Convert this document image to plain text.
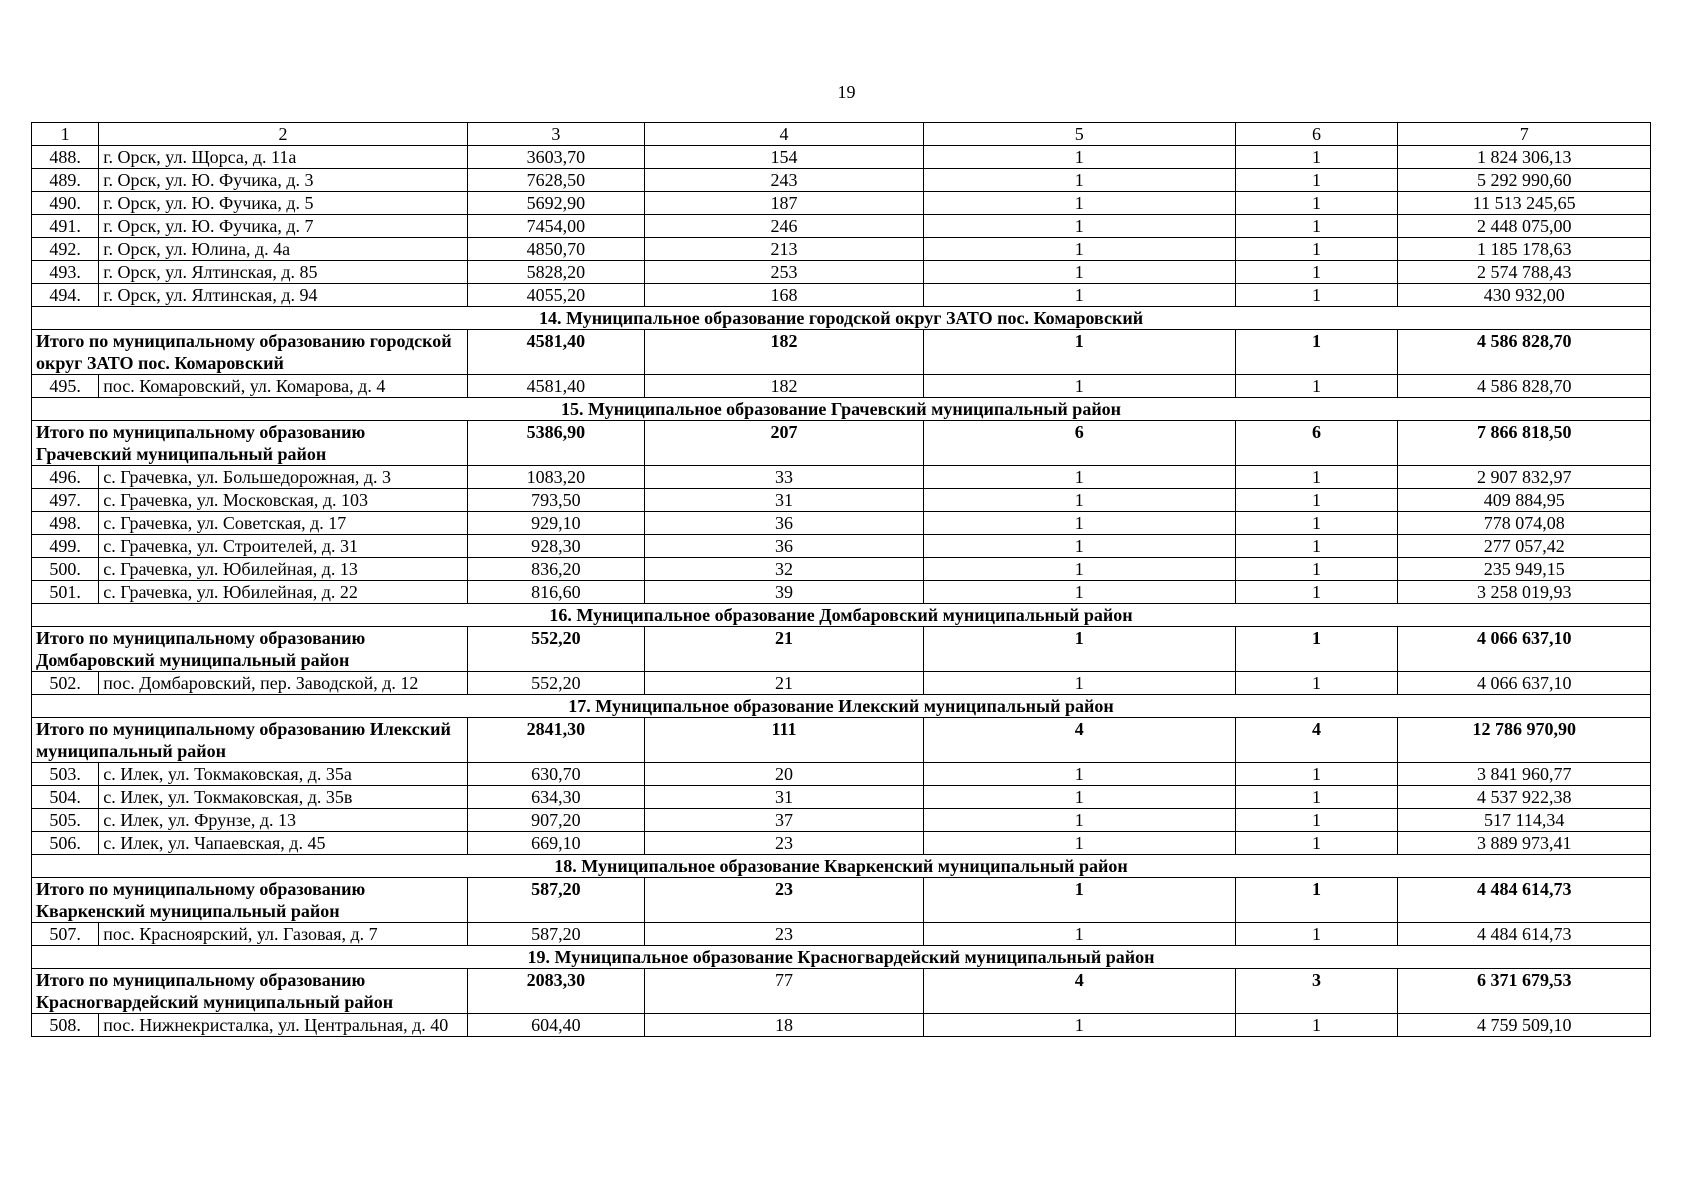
19
1	2	3	4	5	6	7
488.	г. Орск, ул. Щорса, д. 11а	3603,70	154	1	1	1 824 306,13
489.	г. Орск, ул. Ю. Фучика, д. 3	7628,50	243	1	1	5 292 990,60
490.	г. Орск, ул. Ю. Фучика, д. 5	5692,90	187	1	1	11 513 245,65
491.	г. Орск, ул. Ю. Фучика, д. 7	7454,00	246	1	1	2 448 075,00
492.	г. Орск, ул. Юлина, д. 4а	4850,70	213	1	1	1 185 178,63
493.	г. Орск, ул. Ялтинская, д. 85	5828,20	253	1	1	2 574 788,43
494.	г. Орск, ул. Ялтинская, д. 94	4055,20	168	1	1	430 932,00
14. Муниципальное образование городской округ ЗАТО пос. Комаровский						
Итого по муниципальному образованию городской округ ЗАТО пос. Комаровский		4581,40	182	1	1	4 586 828,70
495.	пос. Комаровский, ул. Комарова, д. 4	4581,40	182	1	1	4 586 828,70
15. Муниципальное образование Грачевский муниципальный район						
Итого по муниципальному образованию Грачевский муниципальный район		5386,90	207	6	6	7 866 818,50
496.	с. Грачевка, ул. Большедорожная, д. 3	1083,20	33	1	1	2 907 832,97
497.	с. Грачевка, ул. Московская, д. 103	793,50	31	1	1	409 884,95
498.	с. Грачевка, ул. Советская, д. 17	929,10	36	1	1	778 074,08
499.	с. Грачевка, ул. Строителей, д. 31	928,30	36	1	1	277 057,42
500.	с. Грачевка, ул. Юбилейная, д. 13	836,20	32	1	1	235 949,15
501.	с. Грачевка, ул. Юбилейная, д. 22	816,60	39	1	1	3 258 019,93
16. Муниципальное образование Домбаровский муниципальный район						
Итого по муниципальному образованию Домбаровский муниципальный район		552,20	21	1	1	4 066 637,10
502.	пос. Домбаровский, пер. Заводской, д. 12	552,20	21	1	1	4 066 637,10
17. Муниципальное образование Илекский муниципальный район						
Итого по муниципальному образованию Илекский муниципальный район		2841,30	111	4	4	12 786 970,90
503.	с. Илек, ул. Токмаковская, д. 35а	630,70	20	1	1	3 841 960,77
504.	с. Илек, ул. Токмаковская, д. 35в	634,30	31	1	1	4 537 922,38
505.	с. Илек, ул. Фрунзе, д. 13	907,20	37	1	1	517 114,34
506.	с. Илек, ул. Чапаевская, д. 45	669,10	23	1	1	3 889 973,41
18. Муниципальное образование Кваркенский муниципальный район						
Итого по муниципальному образованию Кваркенский муниципальный район		587,20	23	1	1	4 484 614,73
507.	пос. Красноярский, ул. Газовая, д. 7	587,20	23	1	1	4 484 614,73
19. Муниципальное образование Красногвардейский муниципальный район						
Итого по муниципальному образованию Красногвардейский муниципальный район		2083,30	77	4	3	6 371 679,53
508.	пос. Нижнекристалка, ул. Центральная, д. 40	604,40	18	1	1	4 759 509,10
